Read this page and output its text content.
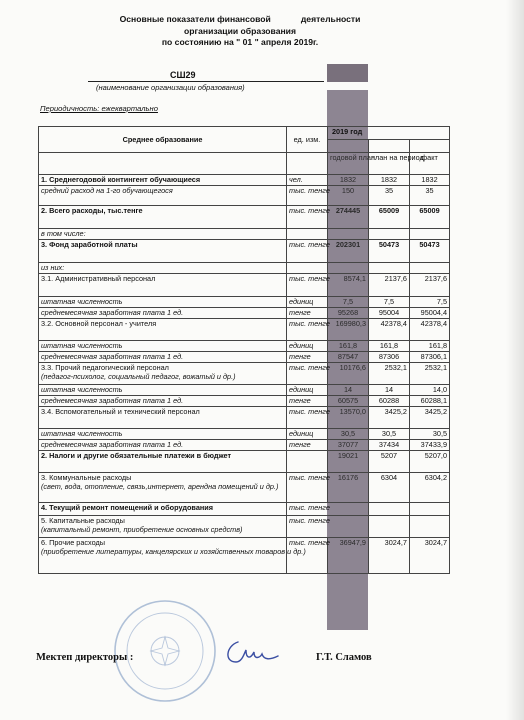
Основные показатели финансовой	деятельности
организации образования
по состоянию на " 01 " апреля 2019г.
СШ29
(наименование организации образования)
Периодичность: ежеквартально
Среднее образование	ед. изм.	2019 год		

		годовой план	план на период	факт
1. Среднегодовой контингент обучающиеся	чел.	1832	1832	1832
средний расход на 1-го обучающегося	тыс. тенге	150	35	35
2. Всего расходы, тыс.тенге	тыс. тенге	274445	65009	65009
в том числе:				
3. Фонд заработной платы	тыс. тенге	202301	50473	50473
из них:				
3.1. Административный персонал	тыс. тенге	8574,1	2137,6	2137,6
штатная численность	единиц	7,5	7,5	7,5
среднемесячная заработная плата 1 ед.	тенге	95268	95004	95004,4
3.2. Основной персонал - учителя	тыс. тенге	169980,3	42378,4	42378,4
штатная численность	единиц	161,8	161,8	161,8
среднемесячная заработная плата 1 ед.	тенге	87547	87306	87306,1

3.3. Прочий педагогический персонал
(педагог-психолог, социальный педагог, вожатый и др.)	тыс. тенге	10176,6	2532,1	2532,1
штатная численность	единиц	14	14	14,0
среднемесячная заработная плата 1 ед.	тенге	60575	60288	60288,1
3.4. Вспомогательный и технический персонал	тыс. тенге	13570,0	3425,2	3425,2
штатная численность	единиц	30,5	30,5	30,5
среднемесячная заработная плата 1 ед.	тенге	37077	37434	37433,9
2. Налоги и другие обязательные платежи в бюджет		19021	5207	5207,0

3. Коммунальные расходы
(свет, вода, отопление, связь,интернет, арендна помещений и др.)	тыс. тенге	16176	6304	6304,2
4. Текущий ремонт помещений и оборудования	тыс. тенге			

5. Капитальные расходы
(капитальный ремонт, приобретение основных средств)	тыс. тенге			

6. Прочие расходы
(приобретение литературы, канцелярских и хозяйственных товаров и др.)	тыс. тенге	36947,9	3024,7	3024,7
Мектеп директоры :	Г.Т. Сламов
